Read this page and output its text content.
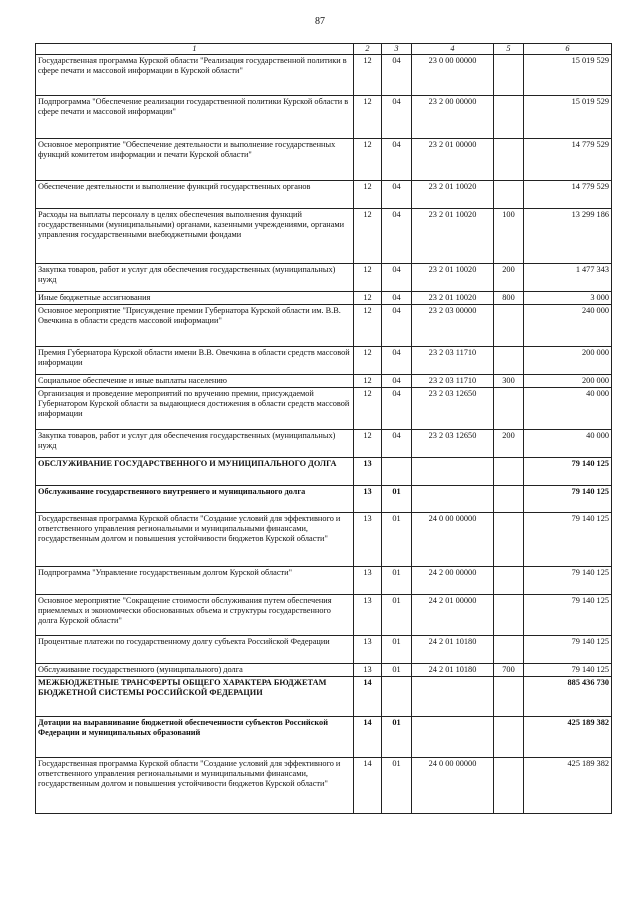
87
1	2	3	4	5	6
Государственная программа Курской области "Реализация государственной политики в сфере печати и массовой информации в Курской области"	12	04	23 0 00 00000		15 019 529
Подпрограмма "Обеспечение реализации государственной политики Курской области в сфере печати и массовой информации"	12	04	23 2 00 00000		15 019 529
Основное мероприятие "Обеспечение деятельности и выполнение государственных функций комитетом информации и печати Курской области"	12	04	23 2 01 00000		14 779 529
Обеспечение деятельности и выполнение функций государственных органов	12	04	23 2 01 10020		14 779 529
Расходы на выплаты персоналу в целях обеспечения выполнения функций государственными (муниципальными) органами, казенными учреждениями, органами управления государственными внебюджетными фондами	12	04	23 2 01 10020	100	13 299 186
Закупка товаров, работ и услуг для обеспечения государственных (муниципальных) нужд	12	04	23 2 01 10020	200	1 477 343
Иные бюджетные ассигнования	12	04	23 2 01 10020	800	3 000
Основное мероприятие "Присуждение премии Губернатора Курской области им. В.В. Овечкина в области средств массовой информации"	12	04	23 2 03 00000		240 000
Премия Губернатора Курской области имени В.В. Овечкина в области средств массовой информации	12	04	23 2 03 11710		200 000
Социальное обеспечение и иные выплаты населению	12	04	23 2 03 11710	300	200 000
Организация и проведение мероприятий по вручению премии, присуждаемой Губернатором Курской области за выдающиеся достижения в области средств массовой информации	12	04	23 2 03 12650		40 000
Закупка товаров, работ и услуг для обеспечения государственных (муниципальных) нужд	12	04	23 2 03 12650	200	40 000
ОБСЛУЖИВАНИЕ ГОСУДАРСТВЕННОГО И МУНИЦИПАЛЬНОГО ДОЛГА	13				79 140 125
Обслуживание государственного внутреннего и муниципального долга	13	01			79 140 125
Государственная программа Курской области "Создание условий для эффективного и ответственного управления региональными и муниципальными финансами, государственным долгом и повышения устойчивости бюджетов Курской области"	13	01	24 0 00 00000		79 140 125
Подпрограмма "Управление государственным долгом Курской области"	13	01	24 2 00 00000		79 140 125
Основное мероприятие "Сокращение стоимости обслуживания путем обеспечения приемлемых и экономически обоснованных объема и структуры государственного долга Курской области"	13	01	24 2 01 00000		79 140 125
Процентные платежи по государственному долгу субъекта Российской Федерации	13	01	24 2 01 10180		79 140 125
Обслуживание государственного (муниципального) долга	13	01	24 2 01 10180	700	79 140 125
МЕЖБЮДЖЕТНЫЕ ТРАНСФЕРТЫ ОБЩЕГО ХАРАКТЕРА БЮДЖЕТАМ БЮДЖЕТНОЙ СИСТЕМЫ РОССИЙСКОЙ ФЕДЕРАЦИИ	14				885 436 730
Дотации на выравнивание бюджетной обеспеченности субъектов Российской Федерации и муниципальных образований	14	01			425 189 382
Государственная программа Курской области "Создание условий для эффективного и ответственного управления региональными и муниципальными финансами, государственным долгом и повышения устойчивости бюджетов Курской области"	14	01	24 0 00 00000		425 189 382
